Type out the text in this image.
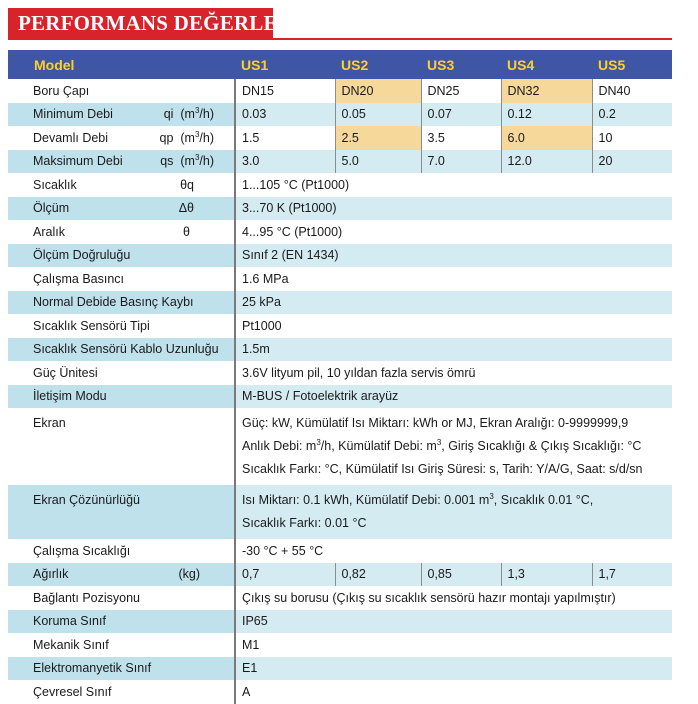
PERFORMANS DEĞERLERİ
Model	US1	US2	US3	US4	US5
Boru Çapı	DN15	DN20	DN25	DN32	DN40

Minimum Debi qi $(m^3/h)$	0.03	0.05	0.07	0.12	0.2

Devamlı Debi qp $(m^3/h)$	1.5	2.5	3.5	6.0	10

Maksimum Debi qs $(m^3/h)$	3.0	5.0	7.0	12.0	20

Sıcaklık θq	1...105 °C (Pt1000)				

Ölçüm Δθ	3...70 K (Pt1000)				

Aralık θ	4...95 °C (Pt1000)				
Ölçüm Doğruluğu	Sınıf 2 (EN 1434)				
Çalışma Basıncı	1.6 MPa				
Normal Debide Basınç Kaybı	25 kPa				
Sıcaklık Sensörü Tipi	Pt1000				
Sıcaklık Sensörü Kablo Uzunluğu	1.5m				
Güç Ünitesi	3.6V lityum pil, 10 yıldan fazla servis ömrü				
İletişim Modu	M-BUS / Fotoelektrik arayüz				

Ekran	Güç: kW, Kümülatif Isı Miktarı: kWh or MJ, Ekran Aralığı: 0-9999999,9
Anlık Debi: $m^3/h$, Kümülatif Debi: $m^3$, Giriş Sıcaklığı & Çıkış Sıcaklığı: °C
Sıcaklık Farkı: °C, Kümülatif Isı Giriş Süresi: s, Tarih: Y/A/G, Saat: s/d/sn				

Ekran Çözünürlüğü	Isı Miktarı: 0.1 kWh, Kümülatif Debi: 0.001 $m^3$, Sıcaklık 0.01 °C,
Sıcaklık Farkı: 0.01 °C				

Çalışma Sıcaklığı	-30 °C + 55 °C				

Ağırlık (kg)	0,7	0,82	0,85	1,3	1,7
Bağlantı Pozisyonu	Çıkış su borusu (Çıkış su sıcaklık sensörü hazır montajı yapılmıştır)				
Koruma Sınıf	IP65				
Mekanik Sınıf	M1				
Elektromanyetik Sınıf	E1				
Çevresel Sınıf	A				
